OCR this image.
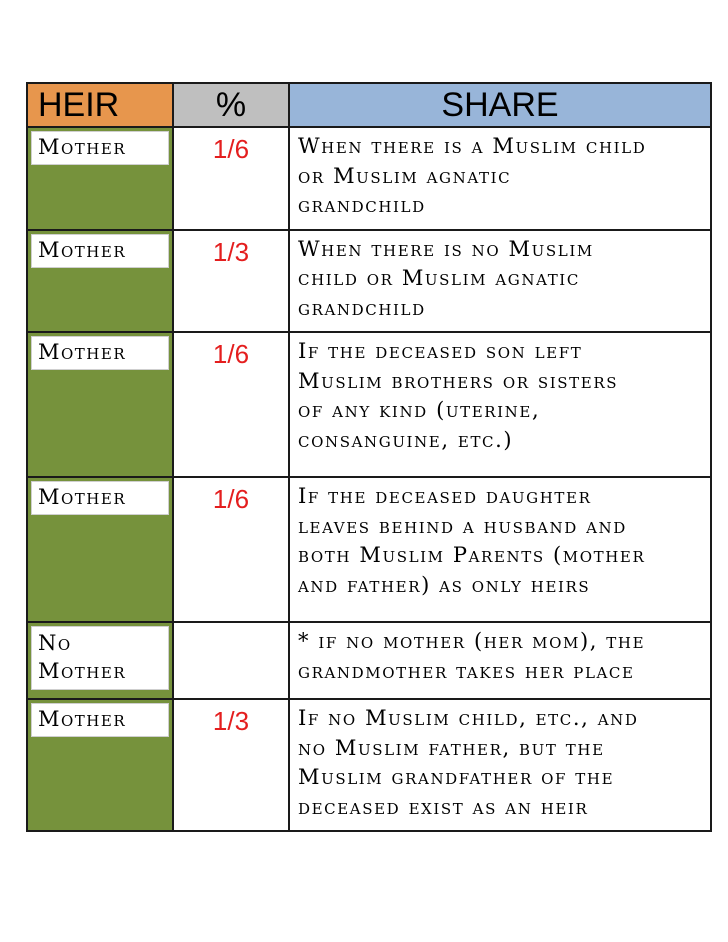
HEIR	%	SHARE

Mother	1/6	When there is a Muslim child
or Muslim agnatic
grandchild

Mother	1/3	When there is no Muslim
child or Muslim agnatic
grandchild

Mother	1/6	If the deceased son left
Muslim brothers or sisters
of any kind (uterine,
consanguine, etc.)

Mother	1/6	If the deceased daughter
leaves behind a husband and
both Muslim Parents (mother
and father) as only heirs

No
Mother		* if no mother (her mom), the
grandmother takes her place

Mother	1/3	If no Muslim child, etc., and
no Muslim father, but the
Muslim grandfather of the
deceased exist as an heir
